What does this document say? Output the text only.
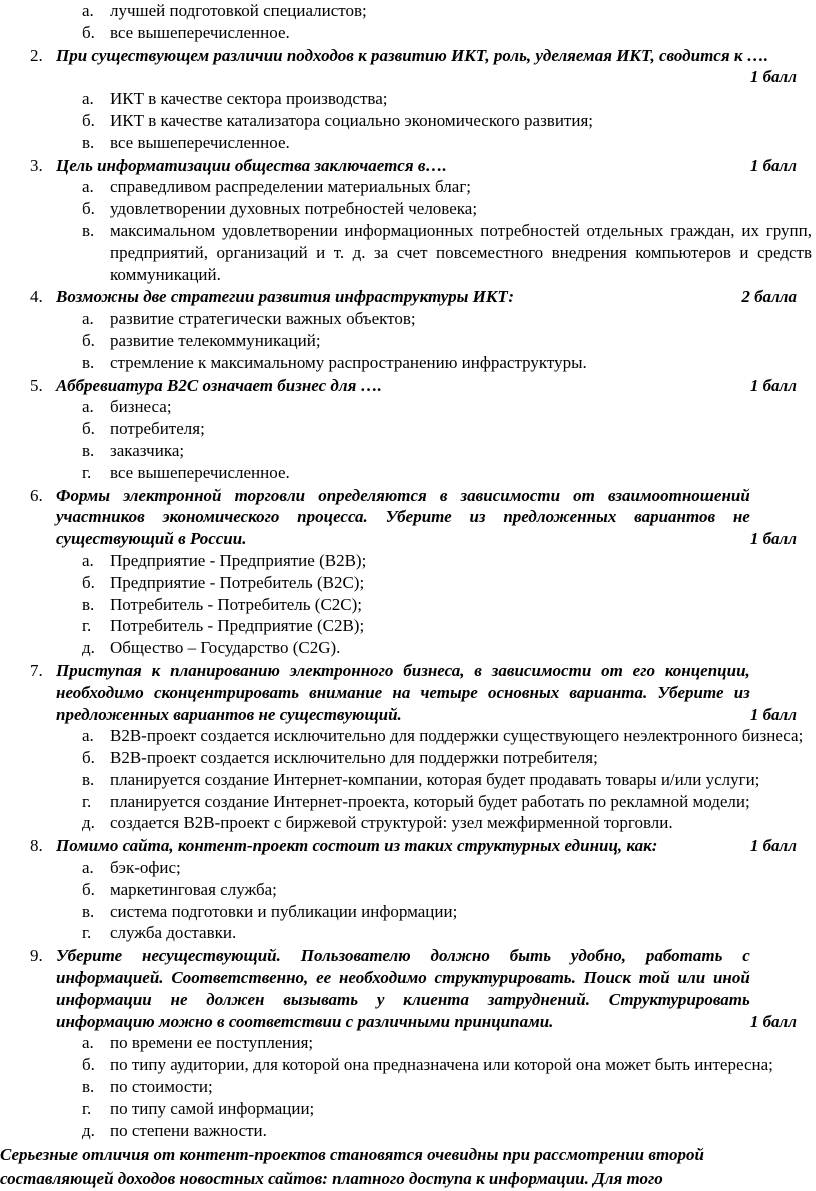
а. лучшей подготовкой специалистов;
б. все вышеперечисленное.
2. При существующем различии подходов к развитию ИКТ, роль, уделяемая ИКТ, сводится к ….
1 балл
а. ИКТ в качестве сектора производства;
б. ИКТ в качестве катализатора социально экономического развития;
в. все вышеперечисленное.
3.	1 балл
Цель информатизации общества заключается в….
а. справедливом распределении материальных благ;
б. удовлетворении духовных потребностей человека;
в. максимальном удовлетворении информационных потребностей отдельных граждан, их групп, предприятий, организаций и т. д. за счет повсеместного внедрения компьютеров и средств коммуникаций.
4.	2 балла
Возможны две стратегии развития инфраструктуры ИКТ:
а. развитие стратегически важных объектов;
б. развитие телекоммуникаций;
в. стремление к максимальному распространению инфраструктуры.
5.	1 балл
Аббревиатура B2C означает бизнес для ….
а. бизнеса;
б. потребителя;
в. заказчика;
г. все вышеперечисленное.
6.
1 балл
Формы электронной торговли определяются в зависимости от взаимоотношений участников экономического процесса. Уберите из предложенных вариантов не существующий в России.
а. Предприятие - Предприятие (B2B);
б. Предприятие - Потребитель (B2C);
в. Потребитель - Потребитель (C2C);
г. Потребитель - Предприятие (C2B);
д. Общество – Государство (C2G).
7.
1 балл
Приступая к планированию электронного бизнеса, в зависимости от его концепции, необходимо сконцентрировать внимание на четыре основных варианта. Уберите из предложенных вариантов не существующий.
а. B2B-проект создается исключительно для поддержки существующего неэлектронного бизнеса;
б. B2B-проект создается исключительно для поддержки потребителя;
в. планируется создание Интернет-компании, которая будет продавать товары и/или услуги;
г. планируется создание Интернет-проекта, который будет работать по рекламной модели;
д. создается B2B-проект с биржевой структурой: узел межфирменной торговли.
8.	1 балл
Помимо сайта, контент-проект состоит из таких структурных единиц, как:
а. бэк-офис;
б. маркетинговая служба;
в. система подготовки и публикации информации;
г. служба доставки.
9.
1 балл
Уберите несуществующий. Пользователю должно быть удобно, работать с информацией. Соответственно, ее необходимо структурировать. Поиск той или иной информации не должен вызывать у клиента затруднений. Структурировать информацию можно в соответствии с различными принципами.
а. по времени ее поступления;
б. по типу аудитории, для которой она предназначена или которой она может быть интересна;
в. по стоимости;
г. по типу самой информации;
д. по степени важности.
Серьезные отличия от контент-проектов становятся очевидны при рассмотрении второй составляющей доходов новостных сайтов: платного доступа к информации. Для того
